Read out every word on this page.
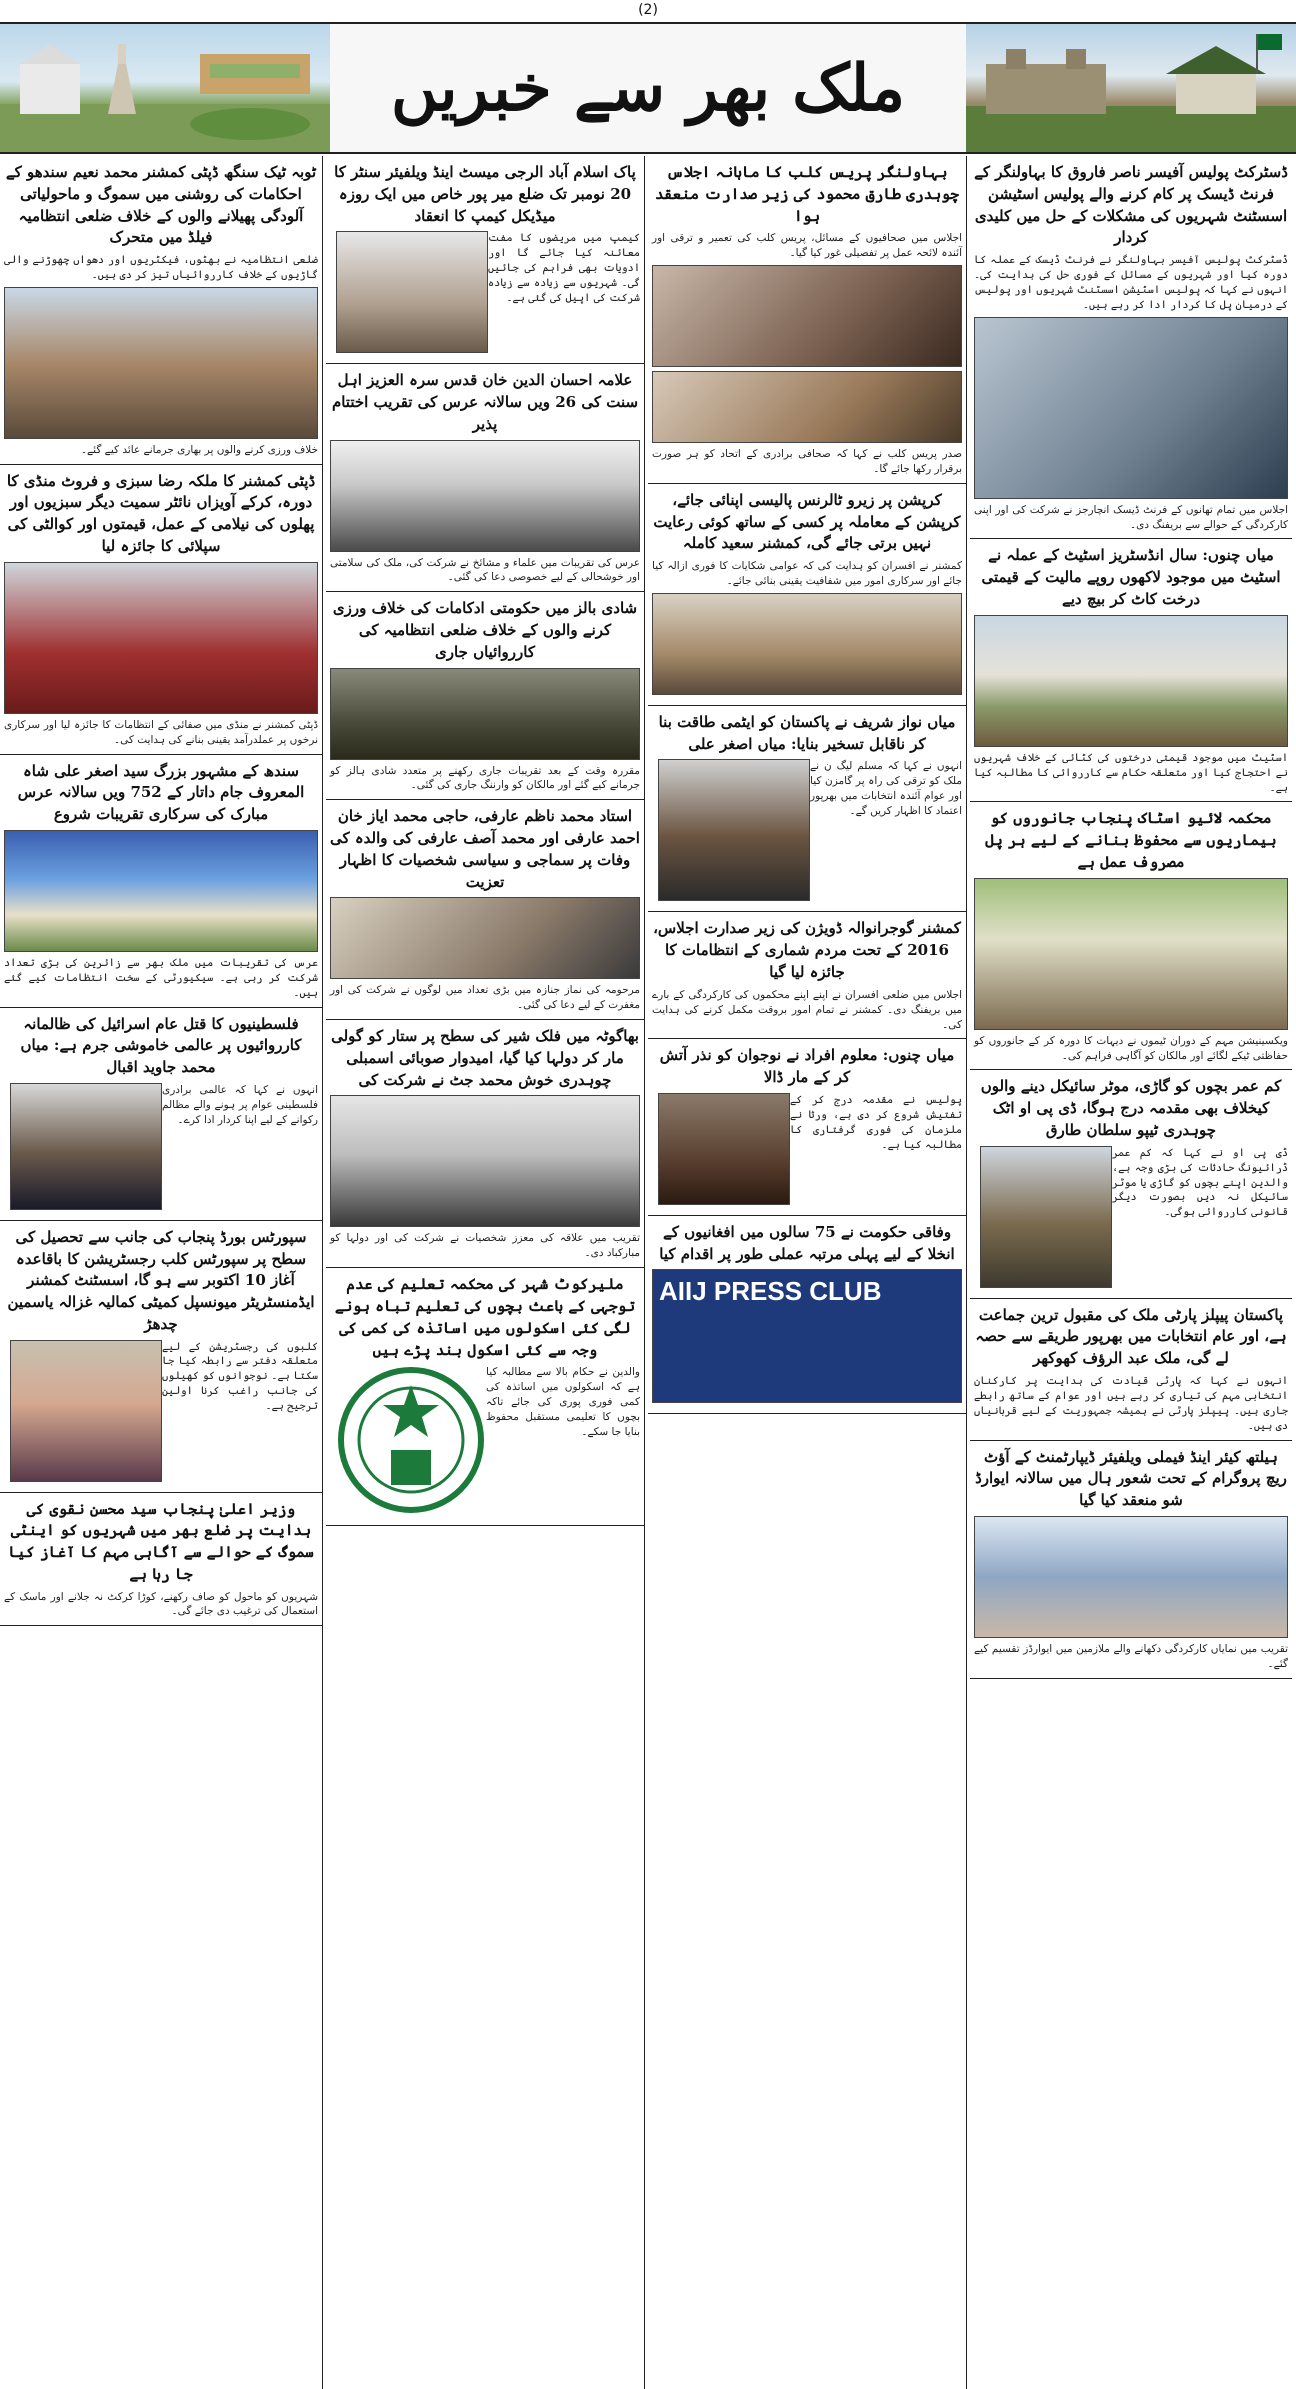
(2)
ملک بھر سے خبریں
ڈسٹرکٹ پولیس آفیسر ناصر فاروق کا بہاولنگر کے فرنٹ ڈیسک پر کام کرنے والے پولیس اسٹیشن اسسٹنٹ شہریوں کی مشکلات کے حل میں کلیدی کردار
ڈسٹرکٹ پولیس آفیسر بہاولنگر نے فرنٹ ڈیسک کے عملہ کا دورہ کیا اور شہریوں کے مسائل کے فوری حل کی ہدایت کی۔ انہوں نے کہا کہ پولیس اسٹیشن اسسٹنٹ شہریوں اور پولیس کے درمیان پل کا کردار ادا کر رہے ہیں۔
اجلاس میں تمام تھانوں کے فرنٹ ڈیسک انچارجز نے شرکت کی اور اپنی کارکردگی کے حوالے سے بریفنگ دی۔
میاں چنوں: سال انڈسٹریز اسٹیٹ کے عملہ نے اسٹیٹ میں موجود لاکھوں روپے مالیت کے قیمتی درخت کاٹ کر بیچ دیے
اسٹیٹ میں موجود قیمتی درختوں کی کٹائی کے خلاف شہریوں نے احتجاج کیا اور متعلقہ حکام سے کارروائی کا مطالبہ کیا ہے۔
محکمہ لائیو اسٹاک پنجاب جانوروں کو بیماریوں سے محفوظ بنانے کے لیے ہر پل مصروف عمل ہے
ویکسینیشن مہم کے دوران ٹیموں نے دیہات کا دورہ کر کے جانوروں کو حفاظتی ٹیکے لگائے اور مالکان کو آگاہی فراہم کی۔
کم عمر بچوں کو گاڑی، موٹر سائیکل دینے والوں کیخلاف بھی مقدمہ درج ہوگا، ڈی پی او اٹک چوہدری ٹیپو سلطان طارق
ڈی پی او نے کہا کہ کم عمر ڈرائیونگ حادثات کی بڑی وجہ ہے، والدین اپنے بچوں کو گاڑی یا موٹر سائیکل نہ دیں بصورت دیگر قانونی کارروائی ہوگی۔
پاکستان پیپلز پارٹی ملک کی مقبول ترین جماعت ہے، اور عام انتخابات میں بھرپور طریقے سے حصہ لے گی، ملک عبد الرؤف کھوکھر
انہوں نے کہا کہ پارٹی قیادت کی ہدایت پر کارکنان انتخابی مہم کی تیاری کر رہے ہیں اور عوام کے ساتھ رابطے جاری ہیں۔ پیپلز پارٹی نے ہمیشہ جمہوریت کے لیے قربانیاں دی ہیں۔
ہیلتھ کیئر اینڈ فیملی ویلفیئر ڈیپارٹمنٹ کے آؤٹ ریچ پروگرام کے تحت شعور ہال میں سالانہ ایوارڈ شو منعقد کیا گیا
تقریب میں نمایاں کارکردگی دکھانے والے ملازمین میں ایوارڈز تقسیم کیے گئے۔
بہاولنگر پریس کلب کا ماہانہ اجلاس چوہدری طارق محمود کی زیر صدارت منعقد ہوا
اجلاس میں صحافیوں کے مسائل، پریس کلب کی تعمیر و ترقی اور آئندہ لائحہ عمل پر تفصیلی غور کیا گیا۔
صدر پریس کلب نے کہا کہ صحافی برادری کے اتحاد کو ہر صورت برقرار رکھا جائے گا۔
کرپشن پر زیرو ٹالرنس پالیسی اپنائی جائے، کرپشن کے معاملہ پر کسی کے ساتھ کوئی رعایت نہیں برتی جائے گی، کمشنر سعید کاملہ
کمشنر نے افسران کو ہدایت کی کہ عوامی شکایات کا فوری ازالہ کیا جائے اور سرکاری امور میں شفافیت یقینی بنائی جائے۔
میاں نواز شریف نے پاکستان کو ایٹمی طاقت بنا کر ناقابل تسخیر بنایا: میاں اصغر علی
انہوں نے کہا کہ مسلم لیگ ن نے ملک کو ترقی کی راہ پر گامزن کیا اور عوام آئندہ انتخابات میں بھرپور اعتماد کا اظہار کریں گے۔
کمشنر گوجرانوالہ ڈویژن کی زیر صدارت اجلاس، 2016 کے تحت مردم شماری کے انتظامات کا جائزہ لیا گیا
اجلاس میں ضلعی افسران نے اپنے اپنے محکموں کی کارکردگی کے بارے میں بریفنگ دی۔ کمشنر نے تمام امور بروقت مکمل کرنے کی ہدایت کی۔
میاں چنوں: معلوم افراد نے نوجوان کو نذر آتش کر کے مار ڈالا
پولیس نے مقدمہ درج کر کے تفتیش شروع کر دی ہے، ورثا نے ملزمان کی فوری گرفتاری کا مطالبہ کیا ہے۔
وفاقی حکومت نے 75 سالوں میں افغانیوں کے انخلا کے لیے پہلی مرتبہ عملی طور پر اقدام کیا
AIIJ PRESS CLUB
پاک اسلام آباد الرجی میسٹ اینڈ ویلفیئر سنٹر کا 20 نومبر تک ضلع میر پور خاص میں ایک روزہ میڈیکل کیمپ کا انعقاد
کیمپ میں مریضوں کا مفت معائنہ کیا جائے گا اور ادویات بھی فراہم کی جائیں گی۔ شہریوں سے زیادہ سے زیادہ شرکت کی اپیل کی گئی ہے۔
علامہ احسان الدین خان قدس سرہ العزیز اہل سنت کی 26 ویں سالانہ عرس کی تقریب اختتام پذیر
عرس کی تقریبات میں علماء و مشائخ نے شرکت کی، ملک کی سلامتی اور خوشحالی کے لیے خصوصی دعا کی گئی۔
شادی بالز میں حکومتی ادکامات کی خلاف ورزی کرنے والوں کے خلاف ضلعی انتظامیہ کی کارروائیاں جاری
مقررہ وقت کے بعد تقریبات جاری رکھنے پر متعدد شادی ہالز کو جرمانے کیے گئے اور مالکان کو وارننگ جاری کی گئی۔
استاد محمد ناظم عارفی، حاجی محمد ایاز خان احمد عارفی اور محمد آصف عارفی کی والدہ کی وفات پر سماجی و سیاسی شخصیات کا اظہار تعزیت
مرحومہ کی نماز جنازہ میں بڑی تعداد میں لوگوں نے شرکت کی اور مغفرت کے لیے دعا کی گئی۔
بھاگوٹہ میں فلک شیر کی سطح پر ستار کو گولی مار کر دولہا کیا گیا، امیدوار صوبائی اسمبلی چوہدری خوش محمد جٹ نے شرکت کی
تقریب میں علاقہ کی معزز شخصیات نے شرکت کی اور دولہا کو مبارکباد دی۔
ملیرکوٹ شہر کی محکمہ تعلیم کی عدم توجہی کے باعث بچوں کی تعلیم تباہ ہونے لگی کئی اسکولوں میں اساتذہ کی کمی کی وجہ سے کئی اسکول بند پڑے ہیں
والدین نے حکام بالا سے مطالبہ کیا ہے کہ اسکولوں میں اساتذہ کی کمی فوری پوری کی جائے تاکہ بچوں کا تعلیمی مستقبل محفوظ بنایا جا سکے۔
ٹوبہ ٹیک سنگھ ڈپٹی کمشنر محمد نعیم سندھو کے احکامات کی روشنی میں سموگ و ماحولیاتی آلودگی پھیلانے والوں کے خلاف ضلعی انتظامیہ فیلڈ میں متحرک
ضلعی انتظامیہ نے بھٹوں، فیکٹریوں اور دھواں چھوڑنے والی گاڑیوں کے خلاف کارروائیاں تیز کر دی ہیں۔
خلاف ورزی کرنے والوں پر بھاری جرمانے عائد کیے گئے۔
ڈپٹی کمشنر کا ملکہ رضا سبزی و فروٹ منڈی کا دورہ، کرکے آویزاں نائٹر سمیت دیگر سبزیوں اور پھلوں کی نیلامی کے عمل، قیمتوں اور کوالٹی کی سپلائی کا جائزہ لیا
ڈپٹی کمشنر نے منڈی میں صفائی کے انتظامات کا جائزہ لیا اور سرکاری نرخوں پر عملدرآمد یقینی بنانے کی ہدایت کی۔
سندھ کے مشہور بزرگ سید اصغر علی شاہ المعروف جام داتار کے 752 ویں سالانہ عرس مبارک کی سرکاری تقریبات شروع
عرس کی تقریبات میں ملک بھر سے زائرین کی بڑی تعداد شرکت کر رہی ہے۔ سیکیورٹی کے سخت انتظامات کیے گئے ہیں۔
فلسطینیوں کا قتل عام اسرائیل کی ظالمانہ کارروائیوں پر عالمی خاموشی جرم ہے: میاں محمد جاوید اقبال
انہوں نے کہا کہ عالمی برادری فلسطینی عوام پر ہونے والے مظالم رکوانے کے لیے اپنا کردار ادا کرے۔
سپورٹس بورڈ پنجاب کی جانب سے تحصیل کی سطح پر سپورٹس کلب رجسٹریشن کا باقاعدہ آغاز 10 اکتوبر سے ہو گا، اسسٹنٹ کمشنر ایڈمنسٹریٹر میونسپل کمیٹی کمالیہ غزالہ یاسمین چدھڑ
کلبوں کی رجسٹریشن کے لیے متعلقہ دفتر سے رابطہ کیا جا سکتا ہے۔ نوجوانوں کو کھیلوں کی جانب راغب کرنا اولین ترجیح ہے۔
وزیر اعلیٰ پنجاب سید محسن نقوی کی ہدایت پر ضلع بھر میں شہریوں کو اینٹی سموگ کے حوالے سے آگاہی مہم کا آغاز کیا جا رہا ہے
شہریوں کو ماحول کو صاف رکھنے، کوڑا کرکٹ نہ جلانے اور ماسک کے استعمال کی ترغیب دی جائے گی۔
